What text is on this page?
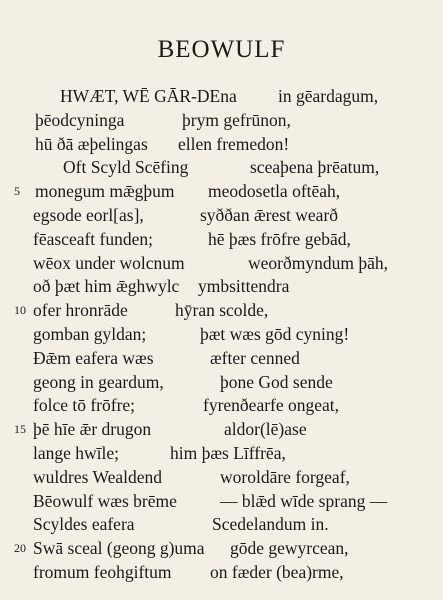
BEOWULF
HWÆT, WĒ GĀR-DEna in gēardagum,
þēodcyninga	þrym gefrūnon,
hū ðā æþelingas ellen fremedon!
Oft Scyld Scēfing	sceaþena þrēatum,
5 monegum mǣgþum meodosetla oftēah,
egsode eorl[as],	syððan ǣrest wearð
fēasceaft funden;	hē þæs frōfre gebād,
wēox under wolcnum	weorðmyndum þāh,
oð þæt him ǣghwylc ymbsittendra
10 ofer hronrāde	hȳran scolde,
gomban gyldan;	þæt wæs gōd cyning!
Ðǣm eafera wæs	æfter cenned
geong in geardum,	þone God sende
folce tō frōfre;	fyrenðearfe ongeat,
15 þē hīe ǣr drugon	aldor(lē)ase
lange hwīle;	him þæs Līffrēa,
wuldres Wealdend	woroldāre forgeaf,
Bēowulf wæs brēme — blǣd wīde sprang —
Scyldes eafera	Scedelandum in.
20 Swā sceal (geong g)uma gōde gewyrcean,
fromum feohgiftum on fæder (bea)rme,
